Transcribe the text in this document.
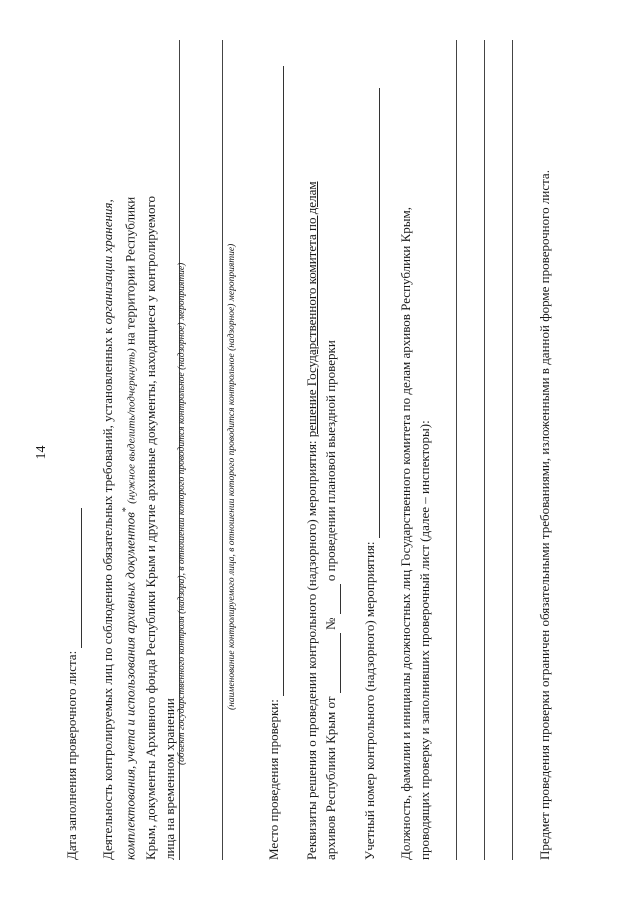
14
Дата заполнения проверочного листа: Деятельность контролируемых лиц по соблюдению обязательных требований, установленных к организации хранения,
комплектования, учета и использования архивных документов* (нужное выделить/подчеркнуть) на территории Республики Крым, документы Архивного фонда Республики Крым и другие архивные документы, находящиеся у контролируемого лица на временном хранении
(объект государственного контроля (надзора), в отношении которого проводится контрольное (надзорное) мероприятие)	(наименование контролируемого лица, в отношении которого проводится контрольное (надзорное) мероприятие)
Место проведения проверки: Реквизиты решения о проведении контрольного (надзорного) мероприятия: решение Государственного комитета по делам
архивов Республики Крым от   №   о проведении плановой выездной проверки
Учетный номер контрольного (надзорного) мероприятия: Должность, фамилии и инициалы должностных лиц Государственного комитета по делам архивов Республики Крым, проводящих проверку и заполнивших проверочный лист (далее – инспекторы):	Предмет проведения проверки ограничен обязательными требованиями, изложенными в данной форме проверочного листа.
